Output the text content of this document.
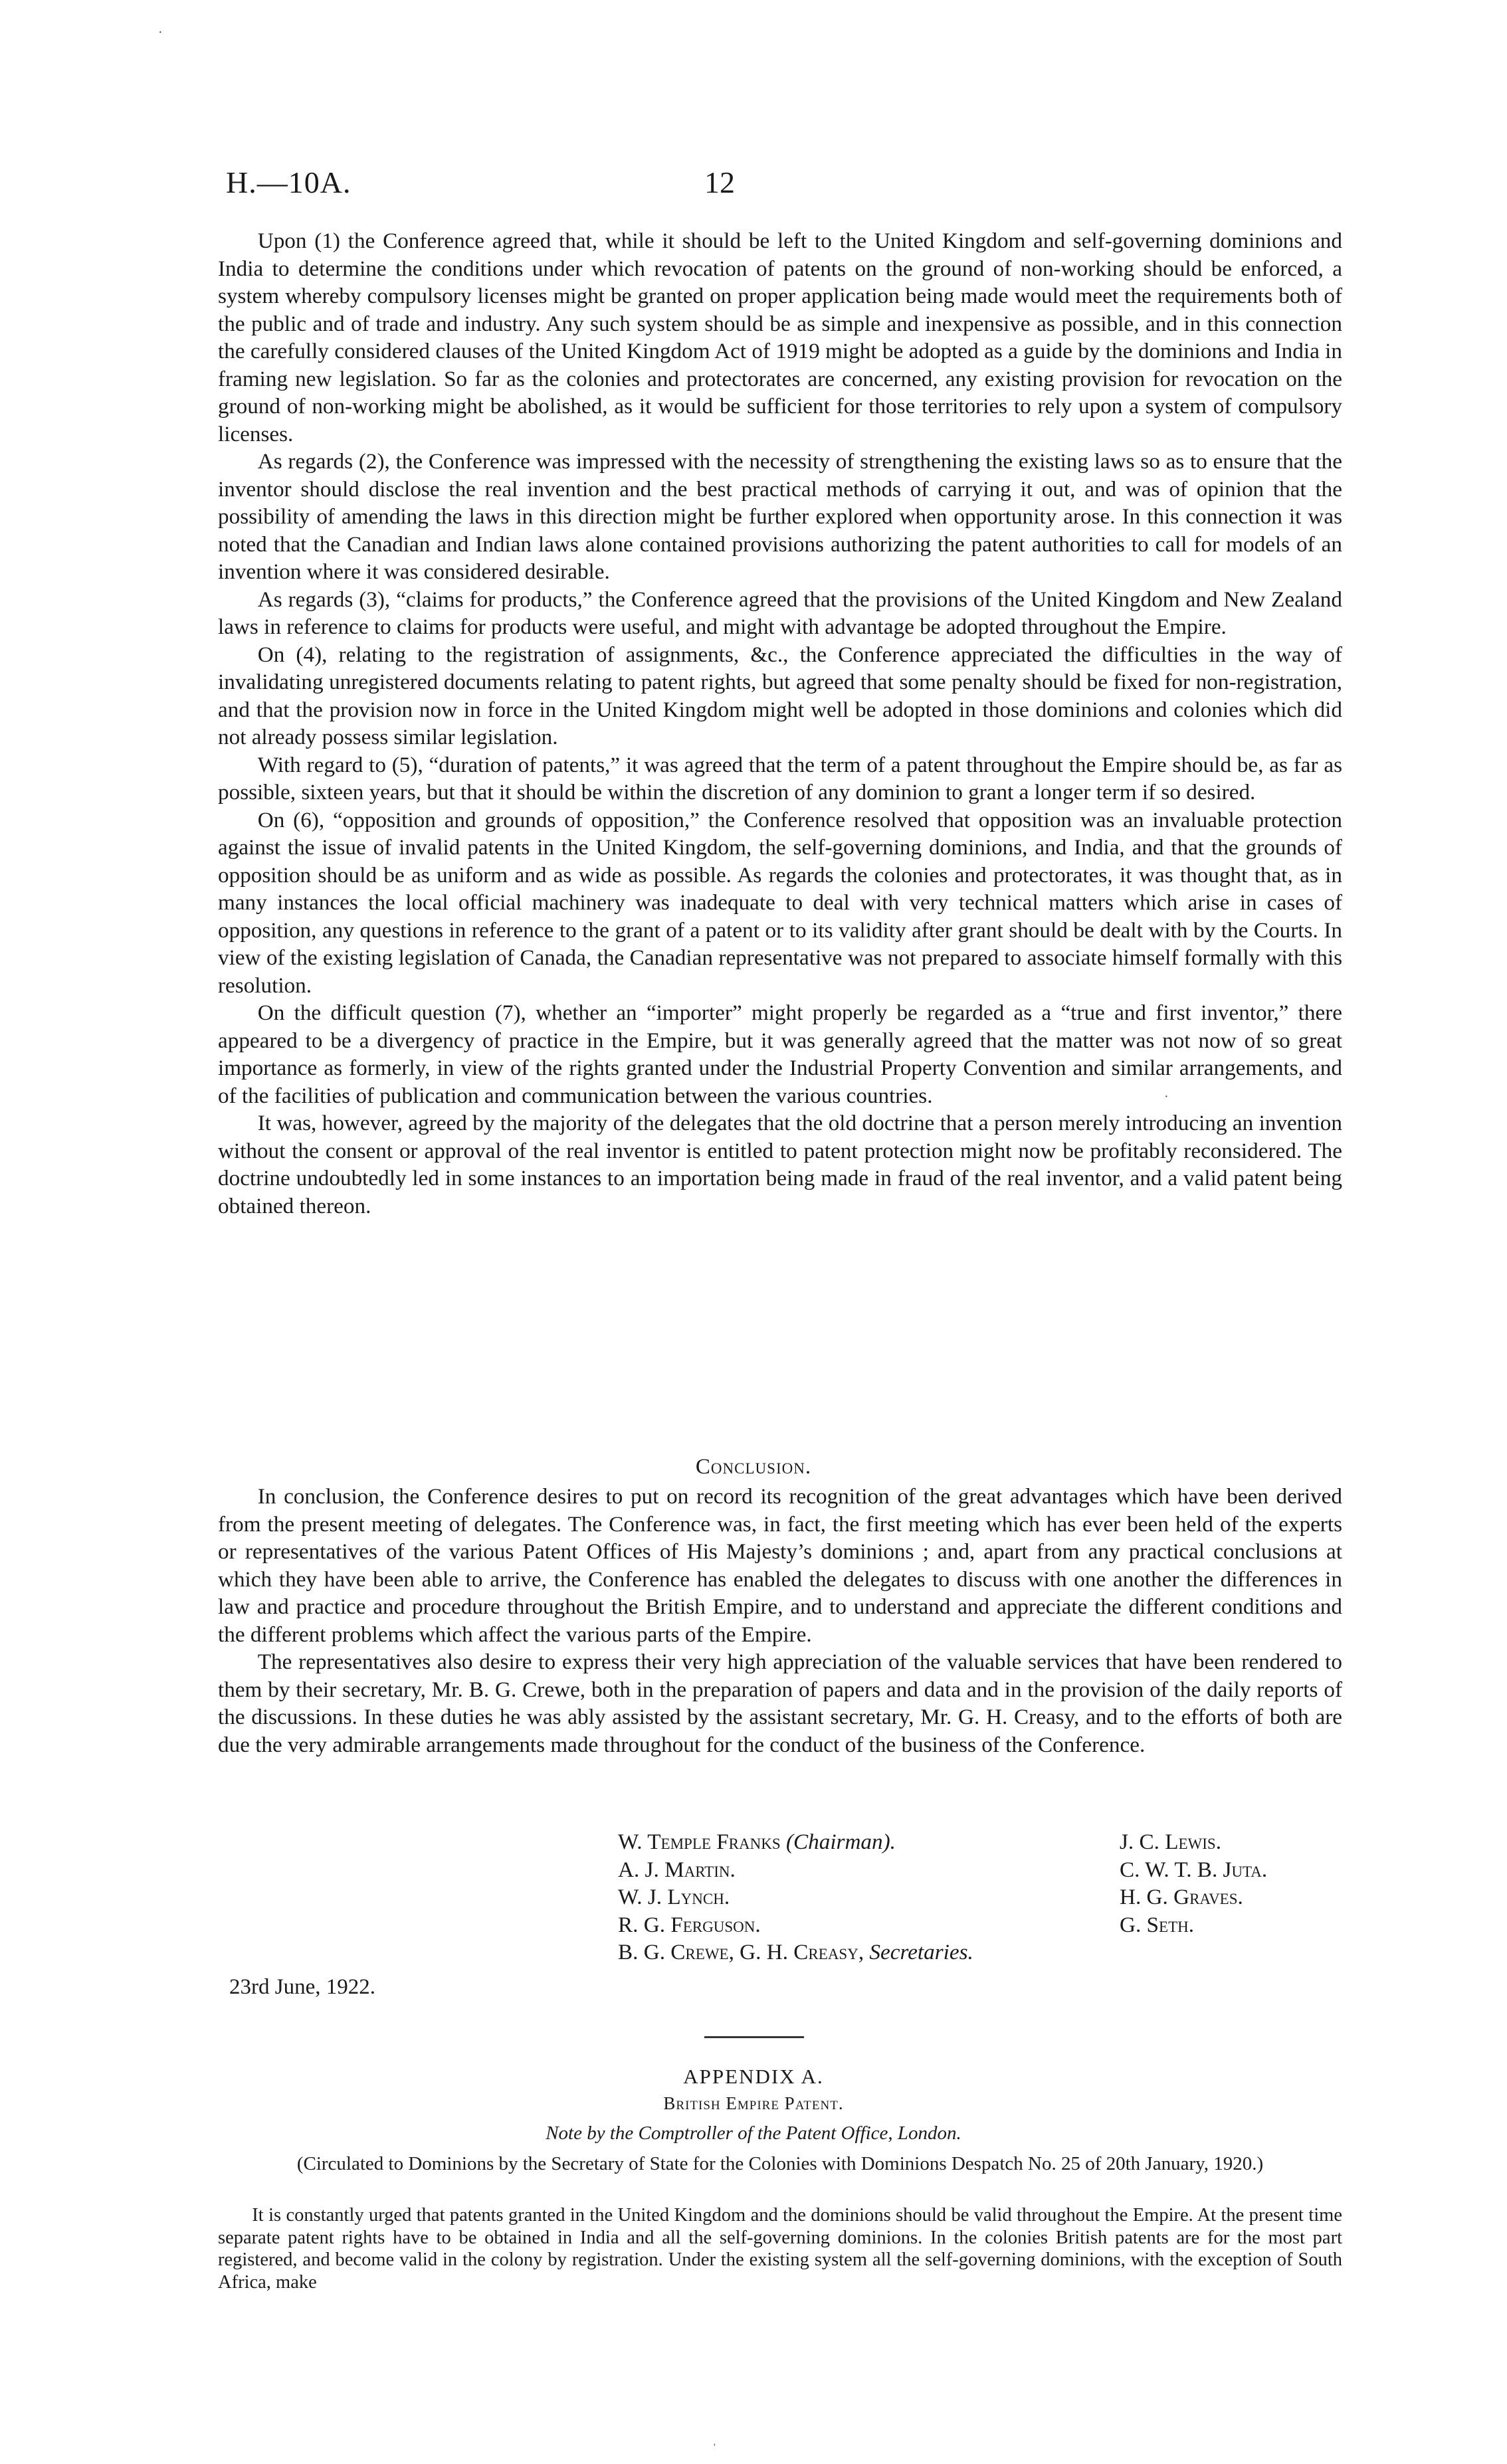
H.—10A.	12

Upon (1) the Conference agreed that, while it should be left to the United Kingdom and self-governing dominions and India to determine the conditions under which revocation of patents on the ground of non-working should be enforced, a system whereby compulsory licenses might be granted on proper application being made would meet the requirements both of the public and of trade and industry. Any such system should be as simple and inexpensive as possible, and in this connection the carefully considered clauses of the United Kingdom Act of 1919 might be adopted as a guide by the dominions and India in framing new legislation. So far as the colonies and protectorates are concerned, any existing provision for revocation on the ground of non-working might be abolished, as it would be sufficient for those territories to rely upon a system of compulsory licenses.

As regards (2), the Conference was impressed with the necessity of strengthening the existing laws so as to ensure that the inventor should disclose the real invention and the best practical methods of carrying it out, and was of opinion that the possibility of amending the laws in this direction might be further explored when opportunity arose. In this connection it was noted that the Canadian and Indian laws alone contained provisions authorizing the patent authorities to call for models of an invention where it was considered desirable.

As regards (3), “claims for products,” the Conference agreed that the provisions of the United Kingdom and New Zealand laws in reference to claims for products were useful, and might with advantage be adopted throughout the Empire.

On (4), relating to the registration of assignments, &c., the Conference appreciated the difficulties in the way of invalidating unregistered documents relating to patent rights, but agreed that some penalty should be fixed for non-registration, and that the provision now in force in the United Kingdom might well be adopted in those dominions and colonies which did not already possess similar legislation.

With regard to (5), “duration of patents,” it was agreed that the term of a patent throughout the Empire should be, as far as possible, sixteen years, but that it should be within the discretion of any dominion to grant a longer term if so desired.

On (6), “opposition and grounds of opposition,” the Conference resolved that opposition was an invaluable protection against the issue of invalid patents in the United Kingdom, the self-governing dominions, and India, and that the grounds of opposition should be as uniform and as wide as possible. As regards the colonies and protectorates, it was thought that, as in many instances the local official machinery was inadequate to deal with very technical matters which arise in cases of opposition, any questions in reference to the grant of a patent or to its validity after grant should be dealt with by the Courts. In view of the existing legislation of Canada, the Canadian representative was not prepared to associate himself formally with this resolution.

On the difficult question (7), whether an “importer” might properly be regarded as a “true and first inventor,” there appeared to be a divergency of practice in the Empire, but it was generally agreed that the matter was not now of so great importance as formerly, in view of the rights granted under the Industrial Property Convention and similar arrangements, and of the facilities of publication and communication between the various countries.

It was, however, agreed by the majority of the delegates that the old doctrine that a person merely introducing an invention without the consent or approval of the real inventor is entitled to patent protection might now be profitably reconsidered. The doctrine undoubtedly led in some instances to an importation being made in fraud of the real inventor, and a valid patent being obtained thereon.

Conclusion.

In conclusion, the Conference desires to put on record its recognition of the great advantages which have been derived from the present meeting of delegates. The Conference was, in fact, the first meeting which has ever been held of the experts or representatives of the various Patent Offices of His Majesty’s dominions ; and, apart from any practical conclusions at which they have been able to arrive, the Conference has enabled the delegates to discuss with one another the differences in law and practice and procedure throughout the British Empire, and to understand and appreciate the different conditions and the different problems which affect the various parts of the Empire.

The representatives also desire to express their very high appreciation of the valuable services that have been rendered to them by their secretary, Mr. B. G. Crewe, both in the preparation of papers and data and in the provision of the daily reports of the discussions. In these duties he was ably assisted by the assistant secretary, Mr. G. H. Creasy, and to the efforts of both are due the very admirable arrangements made throughout for the conduct of the business of the Conference.

W. Temple Franks (Chairman).	J. C. Lewis.
A. J. Martin.	C. W. T. B. Juta.
W. J. Lynch.	H. G. Graves.
R. G. Ferguson.	G. Seth.
B. G. Crewe, G. H. Creasy, Secretaries.
23rd June, 1922.
APPENDIX A.
British Empire Patent.
Note by the Comptroller of the Patent Office, London.
(Circulated to Dominions by the Secretary of State for the Colonies with Dominions Despatch No. 25 of 20th January, 1920.)

It is constantly urged that patents granted in the United Kingdom and the dominions should be valid throughout the Empire. At the present time separate patent rights have to be obtained in India and all the self-governing dominions. In the colonies British patents are for the most part registered, and become valid in the colony by registration. Under the existing system all the self-governing dominions, with the exception of South Africa, make

·
·
ˌ
